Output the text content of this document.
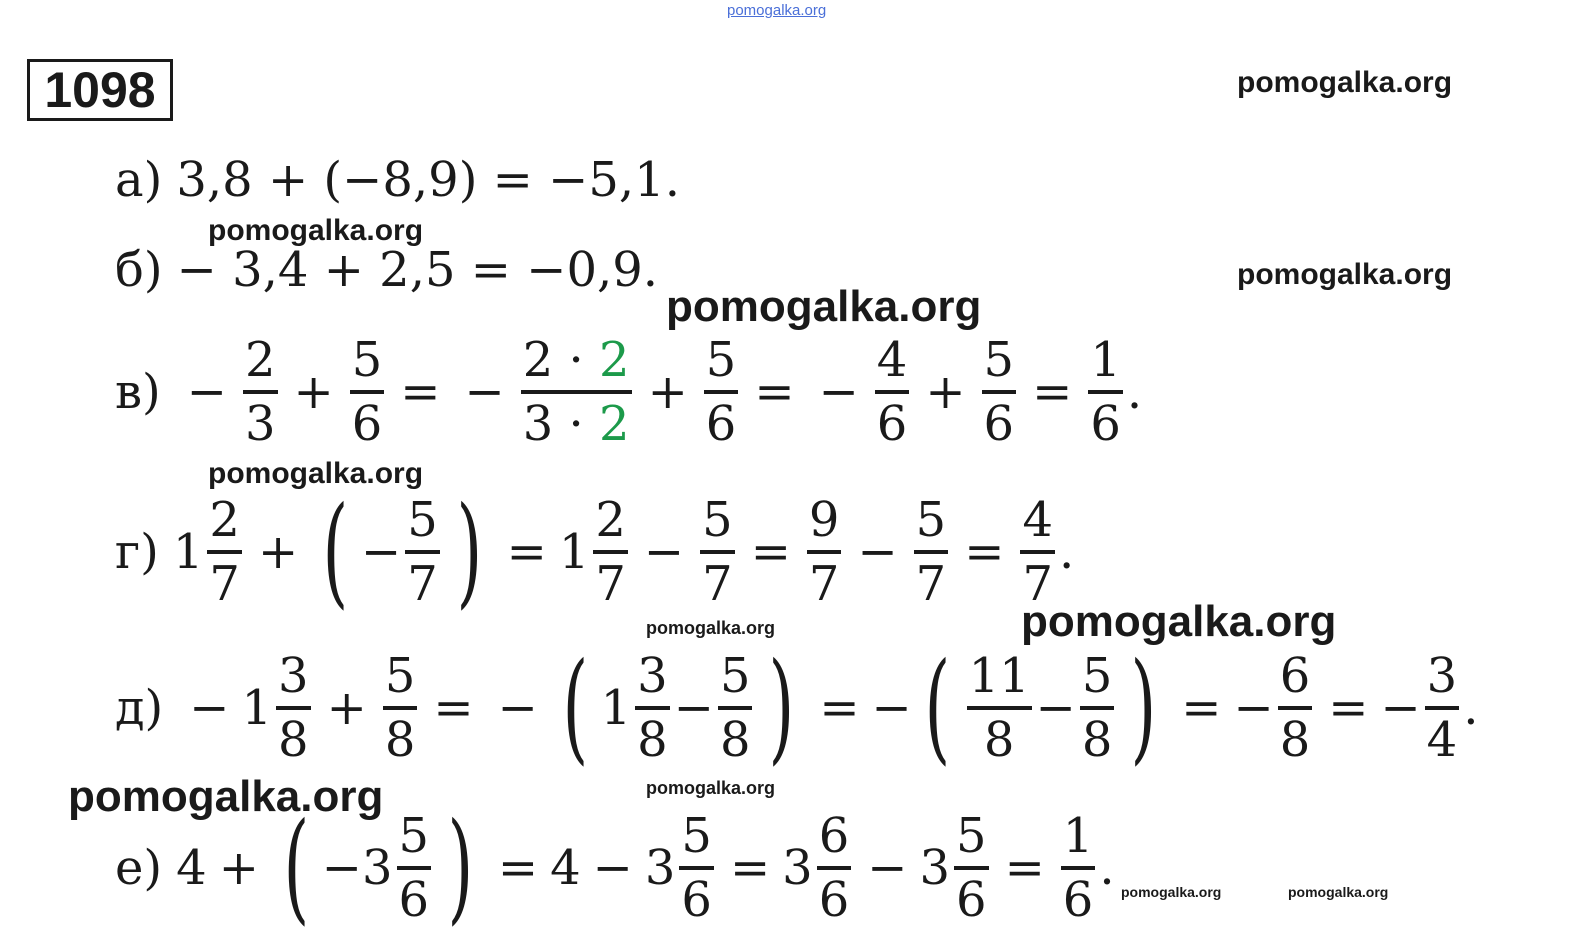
pomogalka.org
pomogalka.org
pomogalka.org
pomogalka.org
pomogalka.org
pomogalka.org
pomogalka.org	pomogalka.org
pomogalka.org
pomogalka.org
pomogalka.org	pomogalka.org
1098
а) 3,8 + (−8,9) = −5,1.
б) − 3,4 + 2,5 = −0,9.
$в) - \frac{2}{3} + \frac{5}{6}$ = − $\frac{2 \cdot 2}{3 \cdot 2} + \frac{5}{6}$ = − $\frac{4}{6} + \frac{5}{6} = \frac{1}{6}$ .
г) $1 \frac{2}{7}$ + ( − $\frac{5}{7}$ ) = $1 \frac{2}{7} - \frac{5}{7} = \frac{9}{7} - \frac{5}{7} = \frac{4}{7}$ .
$д) - 1 \frac{3}{8} + \frac{5}{8}$ = − ( $1 \frac{3}{8} - \frac{5}{8}$ ) = − ( $\frac{11}{8} - \frac{5}{8}$ ) = − $\frac{6}{8}$ = − $\frac{3}{4}$ .
е) 4 + ( − $3 \frac{5}{6}$ ) = $4 - 3 \frac{5}{6} = 3 \frac{6}{6} - 3 \frac{5}{6} = \frac{1}{6}$ .
